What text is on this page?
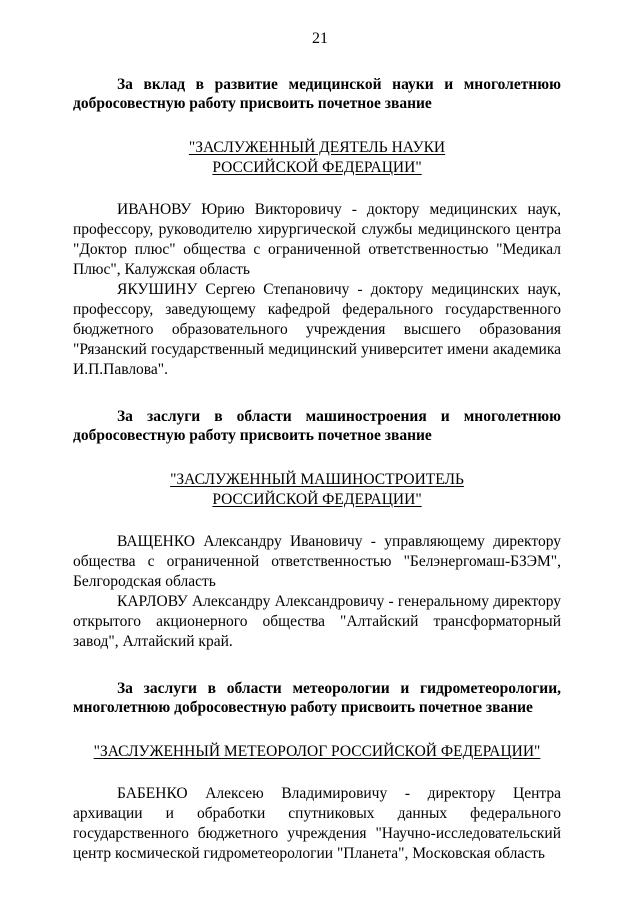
21

За вклад в развитие медицинской науки и многолетнюю добросовестную работу присвоить почетное звание

"ЗАСЛУЖЕННЫЙ ДЕЯТЕЛЬ НАУКИ
РОССИЙСКОЙ ФЕДЕРАЦИИ"

ИВАНОВУ Юрию Викторовичу - доктору медицинских наук, профессору, руководителю хирургической службы медицинского центра "Доктор плюс" общества с ограниченной ответственностью "Медикал Плюс", Калужская область

ЯКУШИНУ Сергею Степановичу - доктору медицинских наук, профессору, заведующему кафедрой федерального государственного бюджетного образовательного учреждения высшего образования "Рязанский государственный медицинский университет имени академика И.П.Павлова".

За заслуги в области машиностроения и многолетнюю добросовестную работу присвоить почетное звание

"ЗАСЛУЖЕННЫЙ МАШИНОСТРОИТЕЛЬ
РОССИЙСКОЙ ФЕДЕРАЦИИ"

ВАЩЕНКО Александру Ивановичу - управляющему директору общества с ограниченной ответственностью "Белэнергомаш-БЗЭМ", Белгородская область

КАРЛОВУ Александру Александровичу - генеральному директору открытого акционерного общества "Алтайский трансформаторный завод", Алтайский край.

За заслуги в области метеорологии и гидрометеорологии, многолетнюю добросовестную работу присвоить почетное звание

"ЗАСЛУЖЕННЫЙ МЕТЕОРОЛОГ РОССИЙСКОЙ ФЕДЕРАЦИИ"

БАБЕНКО Алексею Владимировичу - директору Центра архивации и обработки спутниковых данных федерального государственного бюджетного учреждения "Научно-исследовательский центр космической гидрометеорологии "Планета", Московская область
